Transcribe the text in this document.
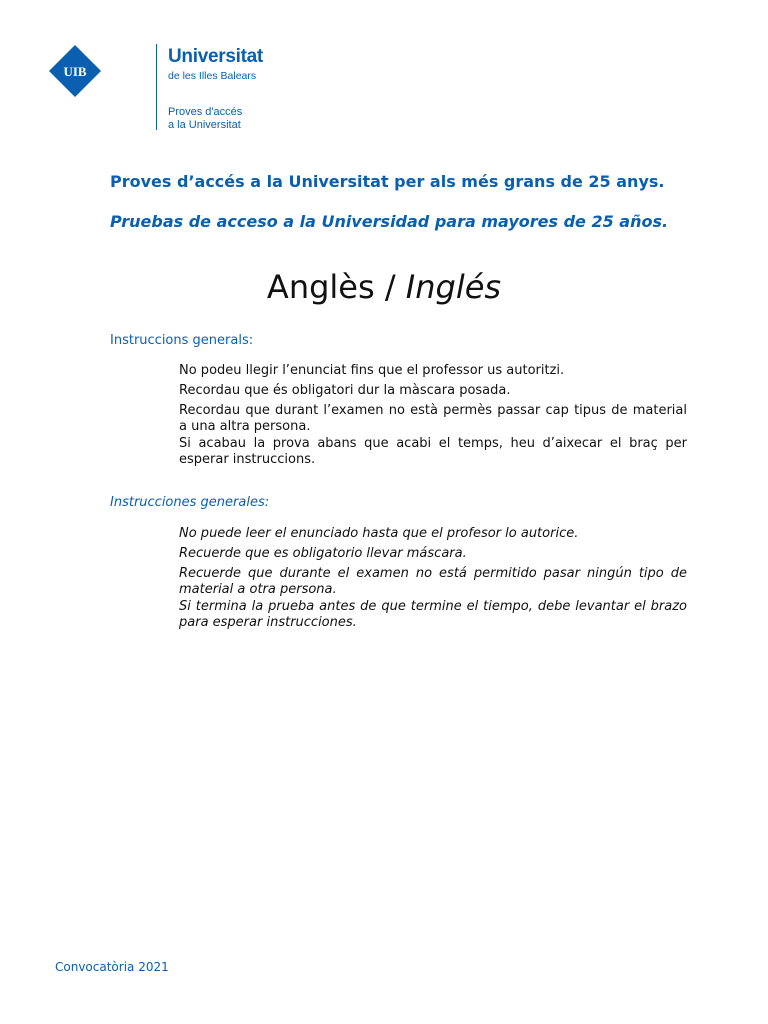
UIB

Universitat

de les Illes Balears

Proves d'accés

a la Universitat

Proves d’accés a la Universitat per als més grans de 25 anys.

Pruebas de acceso a la Universidad para mayores de 25 años.

Anglès / Inglés

Instruccions generals:

No podeu llegir l’enunciat fins que el professor us autoritzi.
Recordau que és obligatori dur la màscara posada.
Recordau que durant l’examen no està permès passar cap tipus de material a una altra persona.
Si acabau la prova abans que acabi el temps, heu d’aixecar el braç per esperar instruccions.

Instrucciones generales:

No puede leer el enunciado hasta que el profesor lo autorice.
Recuerde que es obligatorio llevar máscara.
Recuerde que durante el examen no está permitido pasar ningún tipo de material a otra persona.
Si termina la prueba antes de que termine el tiempo, debe levantar el brazo para esperar instrucciones.

Convocatòria 2021
